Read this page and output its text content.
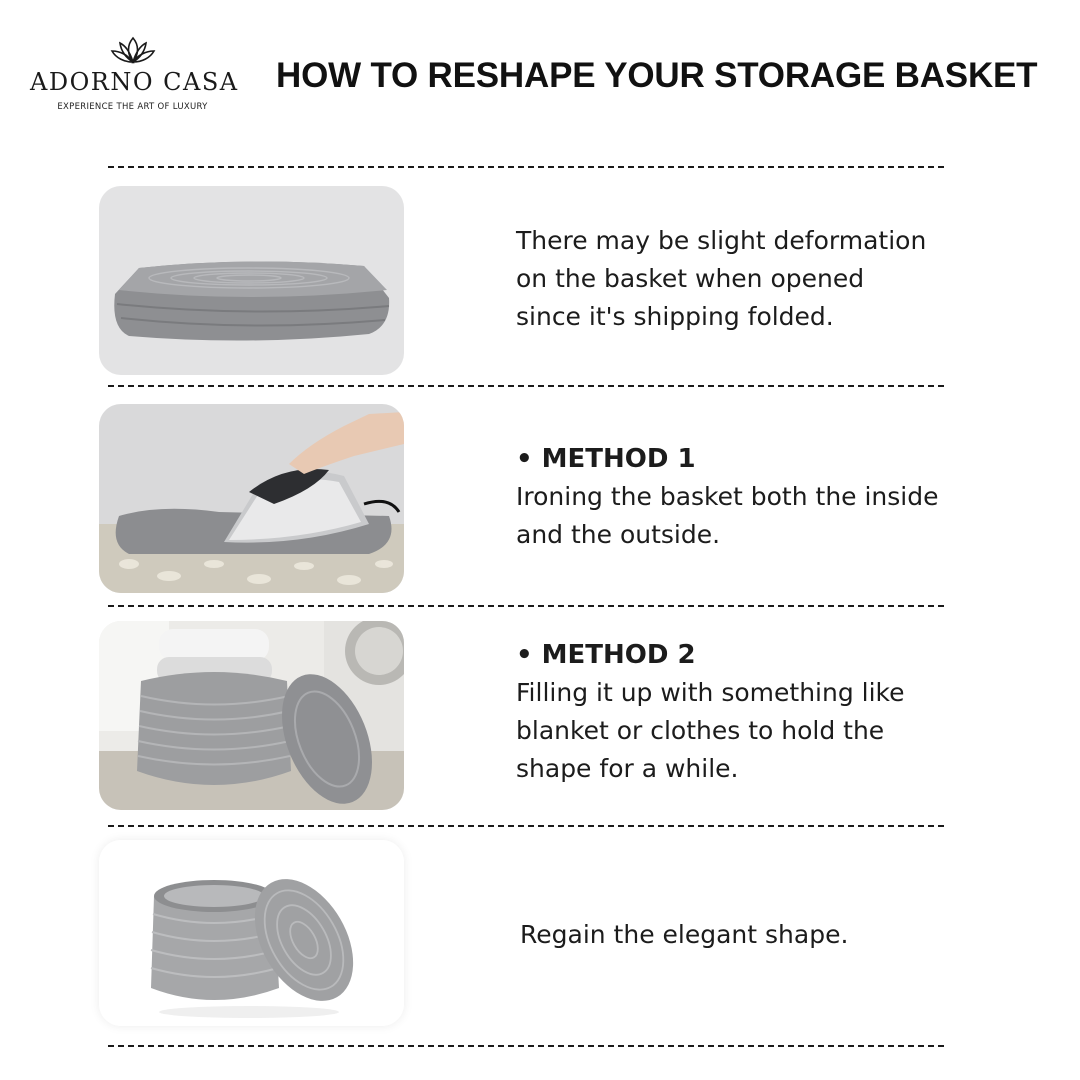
ADORNO CASA
EXPERIENCE THE ART OF LUXURY
HOW TO RESHAPE YOUR STORAGE BASKET
There may be slight deformation
on the basket when opened
since it's shipping folded.
• METHOD 1
Ironing the basket both the inside
and the outside.
• METHOD 2
Filling it up with something like
blanket or clothes to hold the
shape for a while.
Regain the elegant shape.
